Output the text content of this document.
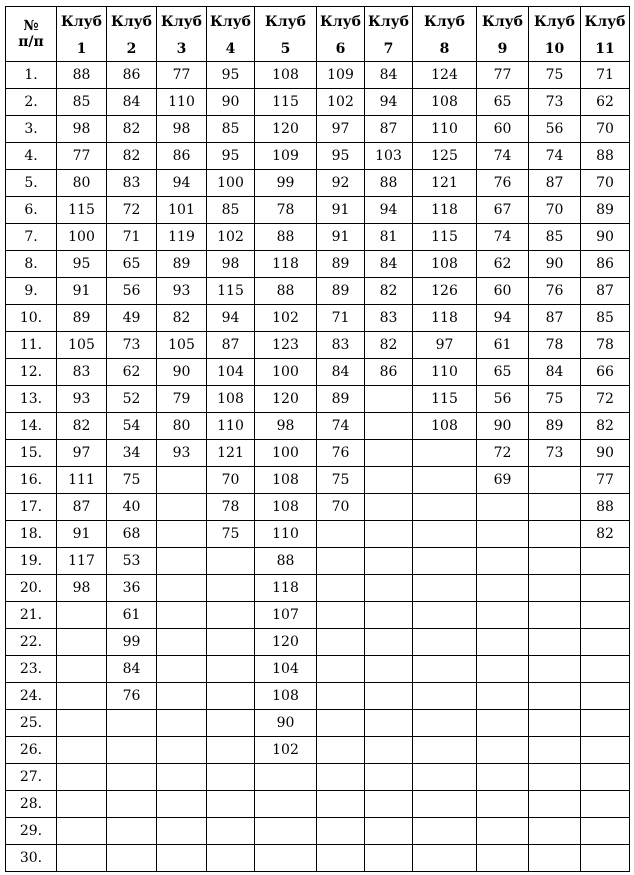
№
п/п	Клуб	Клуб	Клуб	Клуб	Клуб	Клуб	Клуб	Клуб	Клуб	Клуб	Клуб
	1	2	3	4	5	6	7	8	9	10	11
1.	88	86	77	95	108	109	84	124	77	75	71
2.	85	84	110	90	115	102	94	108	65	73	62
3.	98	82	98	85	120	97	87	110	60	56	70
4.	77	82	86	95	109	95	103	125	74	74	88
5.	80	83	94	100	99	92	88	121	76	87	70
6.	115	72	101	85	78	91	94	118	67	70	89
7.	100	71	119	102	88	91	81	115	74	85	90
8.	95	65	89	98	118	89	84	108	62	90	86
9.	91	56	93	115	88	89	82	126	60	76	87
10.	89	49	82	94	102	71	83	118	94	87	85
11.	105	73	105	87	123	83	82	97	61	78	78
12.	83	62	90	104	100	84	86	110	65	84	66
13.	93	52	79	108	120	89		115	56	75	72
14.	82	54	80	110	98	74		108	90	89	82
15.	97	34	93	121	100	76			72	73	90
16.	111	75		70	108	75			69		77
17.	87	40		78	108	70					88
18.	91	68		75	110						82
19.	117	53			88						
20.	98	36			118						
21.		61			107						
22.		99			120						
23.		84			104						
24.		76			108						
25.					90						
26.					102						
27.											
28.											
29.											
30.											
